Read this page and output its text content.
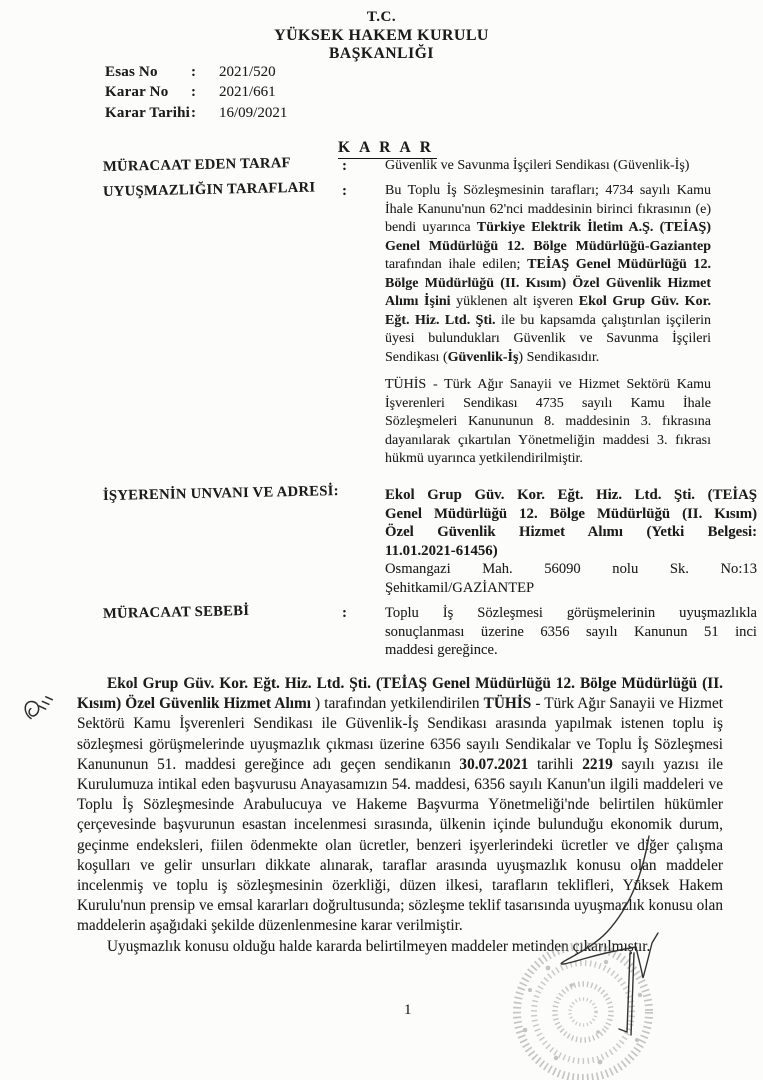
T.C.
YÜKSEK HAKEM KURULU
BAŞKANLIĞI
Esas No	:	2021/520
Karar No	:	2021/661
Karar Tarihi :	16/09/2021
K A R A R
MÜRACAAT EDEN TARAF	:	Güvenlik ve Savunma İşçileri Sendikası (Güvenlik-İş)

UYUŞMAZLIĞIN TARAFLARI :	Bu Toplu İş Sözleşmesinin tarafları; 4734 sayılı Kamu İhale Kanunu'nun 62'nci maddesinin birinci fıkrasının (e) bendi uyarınca Türkiye Elektrik İletim A.Ş. (TEİAŞ) Genel Müdürlüğü 12. Bölge Müdürlüğü-Gaziantep tarafından ihale edilen; TEİAŞ Genel Müdürlüğü 12. Bölge Müdürlüğü (II. Kısım) Özel Güvenlik Hizmet Alımı İşini yüklenen alt işveren Ekol Grup Güv. Kor. Eğt. Hiz. Ltd. Şti. ile bu kapsamda çalıştırılan işçilerin üyesi bulundukları Güvenlik ve Savunma İşçileri Sendikası (Güvenlik-İş) Sendikasıdır.

TÜHİS - Türk Ağır Sanayii ve Hizmet Sektörü Kamu İşverenleri Sendikası 4735 sayılı Kamu İhale Sözleşmeleri Kanununun 8. maddesinin 3. fıkrasına dayanılarak çıkartılan Yönetmeliğin maddesi 3. fıkrası hükmü uyarınca yetkilendirilmiştir.

İŞYERENİN UNVANI VE ADRESİ:	Ekol Grup Güv. Kor. Eğt. Hiz. Ltd. Şti. (TEİAŞ

Genel Müdürlüğü 12. Bölge Müdürlüğü (II. Kısım)

Özel Güvenlik Hizmet Alımı (Yetki Belgesi:

11.01.2021-61456)

Osmangazi Mah. 56090 nolu Sk. No:13

Şehitkamil/GAZİANTEP

MÜRACAAT SEBEBİ	:	Toplu İş Sözleşmesi görüşmelerinin uyuşmazlıkla

sonuçlanması üzerine 6356 sayılı Kanunun 51 inci

maddesi gereğince.

Ekol Grup Güv. Kor. Eğt. Hiz. Ltd. Şti. (TEİAŞ Genel Müdürlüğü 12. Bölge Müdürlüğü (II. Kısım) Özel Güvenlik Hizmet Alımı ) tarafından yetkilendirilen TÜHİS - Türk Ağır Sanayii ve Hizmet Sektörü Kamu İşverenleri Sendikası ile Güvenlik-İş Sendikası arasında yapılmak istenen toplu iş sözleşmesi görüşmelerinde uyuşmazlık çıkması üzerine 6356 sayılı Sendikalar ve Toplu İş Sözleşmesi Kanununun 51. maddesi gereğince adı geçen sendikanın 30.07.2021 tarihli 2219 sayılı yazısı ile Kurulumuza intikal eden başvurusu Anayasamızın 54. maddesi, 6356 sayılı Kanun'un ilgili maddeleri ve Toplu İş Sözleşmesinde Arabulucuya ve Hakeme Başvurma Yönetmeliği'nde belirtilen hükümler çerçevesinde başvurunun esastan incelenmesi sırasında, ülkenin içinde bulunduğu ekonomik durum, geçinme endeksleri, fiilen ödenmekte olan ücretler, benzeri işyerlerindeki ücretler ve diğer çalışma koşulları ve gelir unsurları dikkate alınarak, taraflar arasında uyuşmazlık konusu olan maddeler incelenmiş ve toplu iş sözleşmesinin özerkliği, düzen ilkesi, tarafların teklifleri, Yüksek Hakem Kurulu'nun prensip ve emsal kararları doğrultusunda; sözleşme teklif tasarısında uyuşmazlık konusu olan maddelerin aşağıdaki şekilde düzenlenmesine karar verilmiştir.

Uyuşmazlık konusu olduğu halde kararda belirtilmeyen maddeler metinden çıkarılmıştır.

1
